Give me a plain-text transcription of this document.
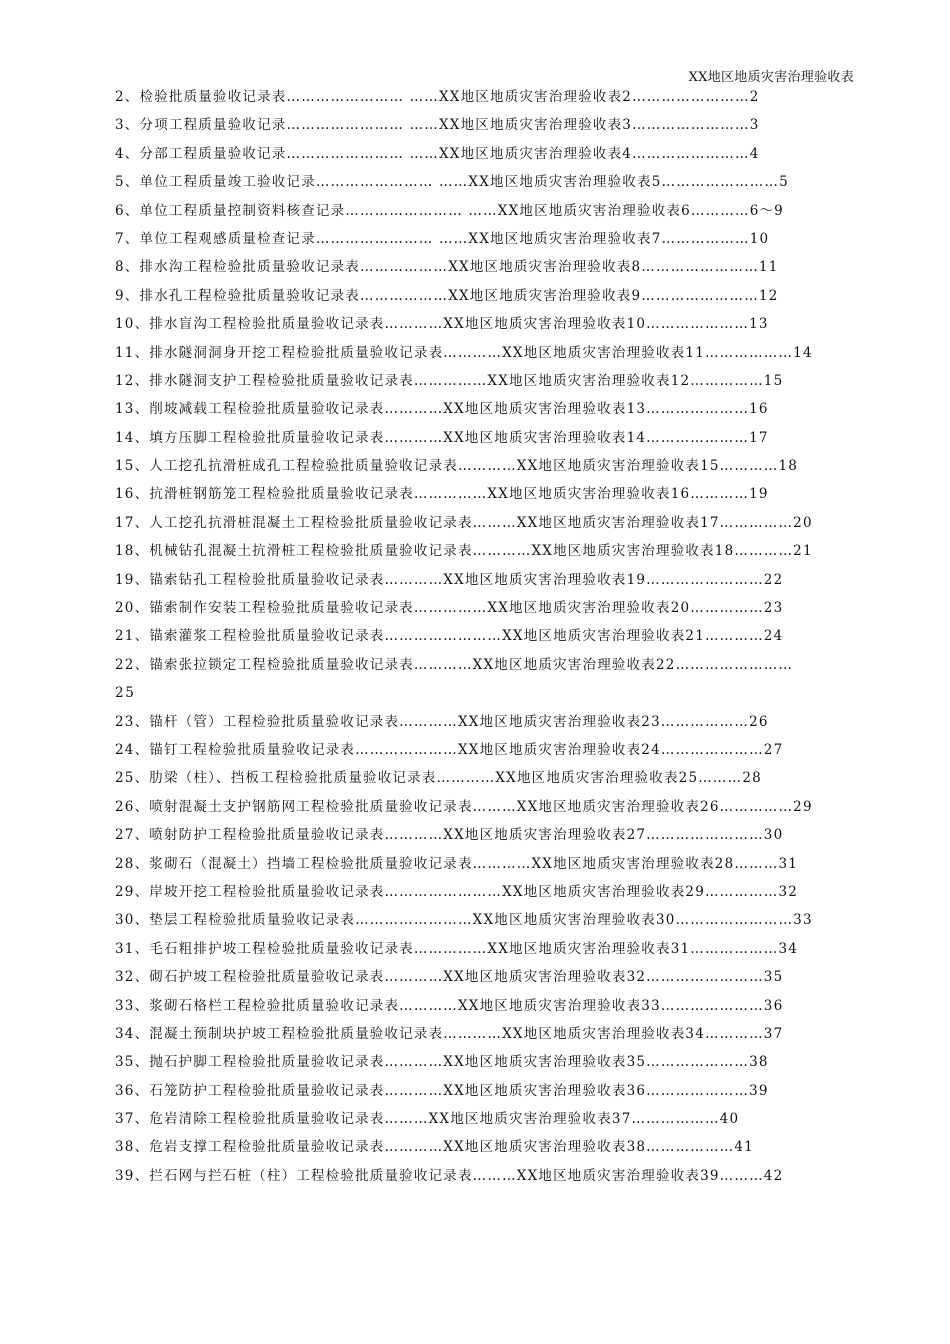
XX地区地质灾害治理验收表
2、检验批质量验收记录表…………………… ……XX地区地质灾害治理验收表2……………………2
3、分项工程质量验收记录…………………… ……XX地区地质灾害治理验收表3……………………3
4、分部工程质量验收记录…………………… ……XX地区地质灾害治理验收表4……………………4
5、单位工程质量竣工验收记录…………………… ……XX地区地质灾害治理验收表5……………………5
6、单位工程质量控制资料核查记录…………………… ……XX地区地质灾害治理验收表6…………6～9
7、单位工程观感质量检查记录…………………… ……XX地区地质灾害治理验收表7………………10
8、排水沟工程检验批质量验收记录表………………XX地区地质灾害治理验收表8……………………11
9、排水孔工程检验批质量验收记录表………………XX地区地质灾害治理验收表9……………………12
10、排水盲沟工程检验批质量验收记录表…………XX地区地质灾害治理验收表10…………………13
11、排水隧洞洞身开挖工程检验批质量验收记录表…………XX地区地质灾害治理验收表11………………14
12、排水隧洞支护工程检验批质量验收记录表……………XX地区地质灾害治理验收表12……………15
13、削坡减载工程检验批质量验收记录表…………XX地区地质灾害治理验收表13…………………16
14、填方压脚工程检验批质量验收记录表…………XX地区地质灾害治理验收表14…………………17
15、人工挖孔抗滑桩成孔工程检验批质量验收记录表…………XX地区地质灾害治理验收表15…………18
16、抗滑桩钢筋笼工程检验批质量验收记录表……………XX地区地质灾害治理验收表16…………19
17、人工挖孔抗滑桩混凝土工程检验批质量验收记录表………XX地区地质灾害治理验收表17……………20
18、机械钻孔混凝土抗滑桩工程检验批质量验收记录表…………XX地区地质灾害治理验收表18…………21
19、锚索钻孔工程检验批质量验收记录表…………XX地区地质灾害治理验收表19……………………22
20、锚索制作安装工程检验批质量验收记录表……………XX地区地质灾害治理验收表20……………23
21、锚索灌浆工程检验批质量验收记录表……………………XX地区地质灾害治理验收表21…………24
22、锚索张拉锁定工程检验批质量验收记录表…………XX地区地质灾害治理验收表22……………………
25
23、锚杆（管）工程检验批质量验收记录表…………XX地区地质灾害治理验收表23………………26
24、锚钉工程检验批质量验收记录表…………………XX地区地质灾害治理验收表24…………………27
25、肋梁（柱）、挡板工程检验批质量验收记录表…………XX地区地质灾害治理验收表25………28
26、喷射混凝土支护钢筋网工程检验批质量验收记录表………XX地区地质灾害治理验收表26……………29
27、喷射防护工程检验批质量验收记录表…………XX地区地质灾害治理验收表27……………………30
28、浆砌石（混凝土）挡墙工程检验批质量验收记录表…………XX地区地质灾害治理验收表28………31
29、岸坡开挖工程检验批质量验收记录表……………………XX地区地质灾害治理验收表29……………32
30、垫层工程检验批质量验收记录表……………………XX地区地质灾害治理验收表30……………………33
31、毛石粗排护坡工程检验批质量验收记录表……………XX地区地质灾害治理验收表31………………34
32、砌石护坡工程检验批质量验收记录表…………XX地区地质灾害治理验收表32……………………35
33、浆砌石格栏工程检验批质量验收记录表…………XX地区地质灾害治理验收表33…………………36
34、混凝土预制块护坡工程检验批质量验收记录表…………XX地区地质灾害治理验收表34…………37
35、抛石护脚工程检验批质量验收记录表…………XX地区地质灾害治理验收表35…………………38
36、石笼防护工程检验批质量验收记录表…………XX地区地质灾害治理验收表36…………………39
37、危岩清除工程检验批质量验收记录表………XX地区地质灾害治理验收表37………………40
38、危岩支撑工程检验批质量验收记录表…………XX地区地质灾害治理验收表38………………41
39、拦石网与拦石桩（柱）工程检验批质量验收记录表………XX地区地质灾害治理验收表39………42
